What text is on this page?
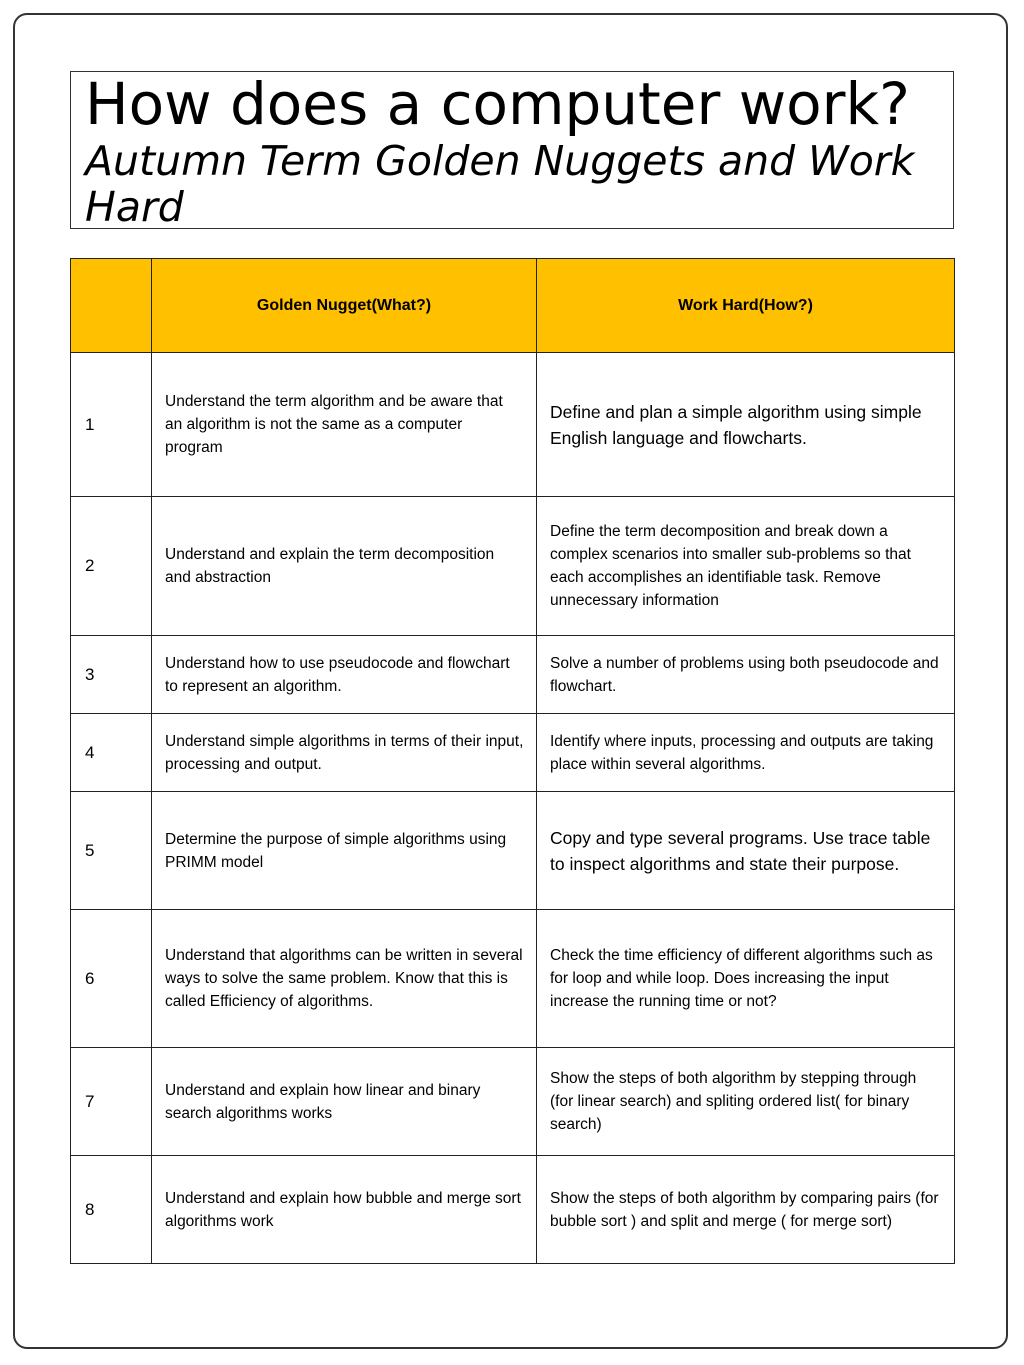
How does a computer work?
Autumn Term Golden Nuggets and Work Hard
	Golden Nugget(What?)	Work Hard(How?)
1	Understand the term algorithm and be aware that an algorithm is not the same as a computer program	Define and plan a simple algorithm using simple English language and flowcharts.
2	Understand and explain the term decomposition and abstraction	Define the term decomposition and break down a complex scenarios into smaller sub-problems so that each accomplishes an identifiable task. Remove unnecessary information
3	Understand how to use pseudocode and flowchart to represent an algorithm.	Solve a number of problems using both pseudocode and flowchart.
4	Understand simple algorithms in terms of their input, processing and output.	Identify where inputs, processing and outputs are taking place within several algorithms.
5	Determine the purpose of simple algorithms using PRIMM model	Copy and type several programs. Use trace table to inspect algorithms and state their purpose.
6	Understand that algorithms can be written in several ways to solve the same problem. Know that this is called Efficiency of algorithms.	Check the time efficiency of different algorithms such as for loop and while loop. Does increasing the input increase the running time or not?
7	Understand and explain how linear and binary search algorithms works	Show the steps of both algorithm by stepping through (for linear search) and spliting ordered list( for binary search)
8	Understand and explain how bubble and merge sort algorithms work	Show the steps of both algorithm by comparing pairs (for bubble sort ) and split and merge ( for merge sort)
